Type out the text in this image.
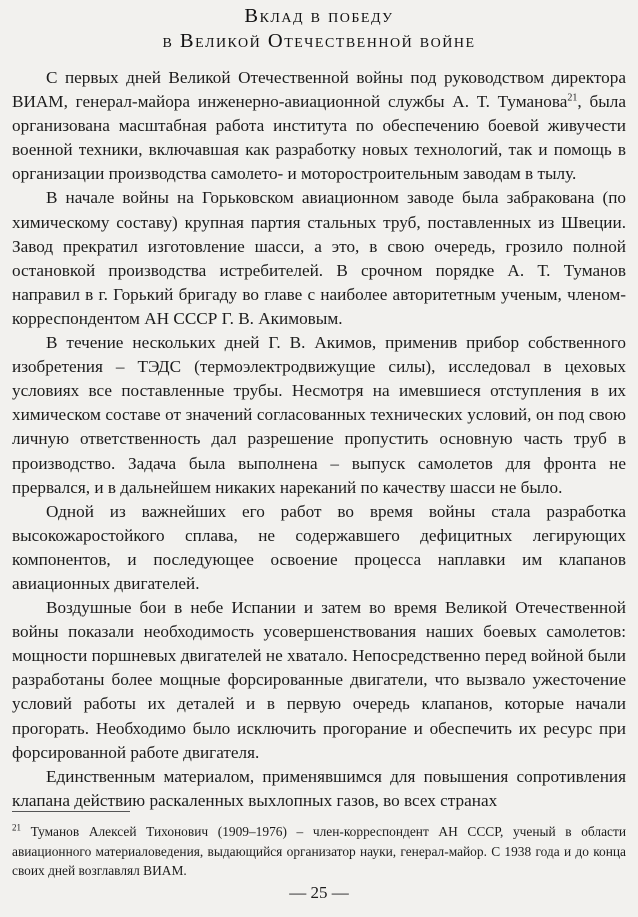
Вклад в победу
в Великой Отечественной войне

С первых дней Великой Отечественной войны под руководством директора ВИАМ, генерал-майора инженерно-авиационной службы А. Т. Туманова$^{21}$, была организована масштабная работа института по обеспечению боевой живучести военной техники, включавшая как разработку новых технологий, так и помощь в организации производства самолето- и моторостроительным заводам в тылу.

В начале войны на Горьковском авиационном заводе была забракована (по химическому составу) крупная партия стальных труб, поставленных из Швеции. Завод прекратил изготовление шасси, а это, в свою очередь, грозило полной остановкой производства истребителей. В срочном порядке А. Т. Туманов направил в г. Горький бригаду во главе с наиболее авторитетным ученым, членом-корреспондентом АН СССР Г. В. Акимовым.

В течение нескольких дней Г. В. Акимов, применив прибор собственного изобретения – ТЭДС (термоэлектродвижущие силы), исследовал в цеховых условиях все поставленные трубы. Несмотря на имевшиеся отступления в их химическом составе от значений согласованных технических условий, он под свою личную ответственность дал разрешение пропустить основную часть труб в производство. Задача была выполнена – выпуск самолетов для фронта не прервался, и в дальнейшем никаких нареканий по качеству шасси не было.

Одной из важнейших его работ во время войны стала разработка высокожаростойкого сплава, не содержавшего дефицитных легирующих компонентов, и последующее освоение процесса наплавки им клапанов авиационных двигателей.

Воздушные бои в небе Испании и затем во время Великой Отечественной войны показали необходимость усовершенствования наших боевых самолетов: мощности поршневых двигателей не хватало. Непосредственно перед войной были разработаны более мощные форсированные двигатели, что вызвало ужесточение условий работы их деталей и в первую очередь клапанов, которые начали прогорать. Необходимо было исключить прогорание и обеспечить их ресурс при форсированной работе двигателя.

Единственным материалом, применявшимся для повышения сопротивления клапана действию раскаленных выхлопных газов, во всех странах

$^{21}$ Туманов Алексей Тихонович (1909–1976) – член-корреспондент АН СССР, ученый в области авиационного материаловедения, выдающийся организатор науки, генерал-майор. С 1938 года и до конца своих дней возглавлял ВИАМ.
— 25 —
